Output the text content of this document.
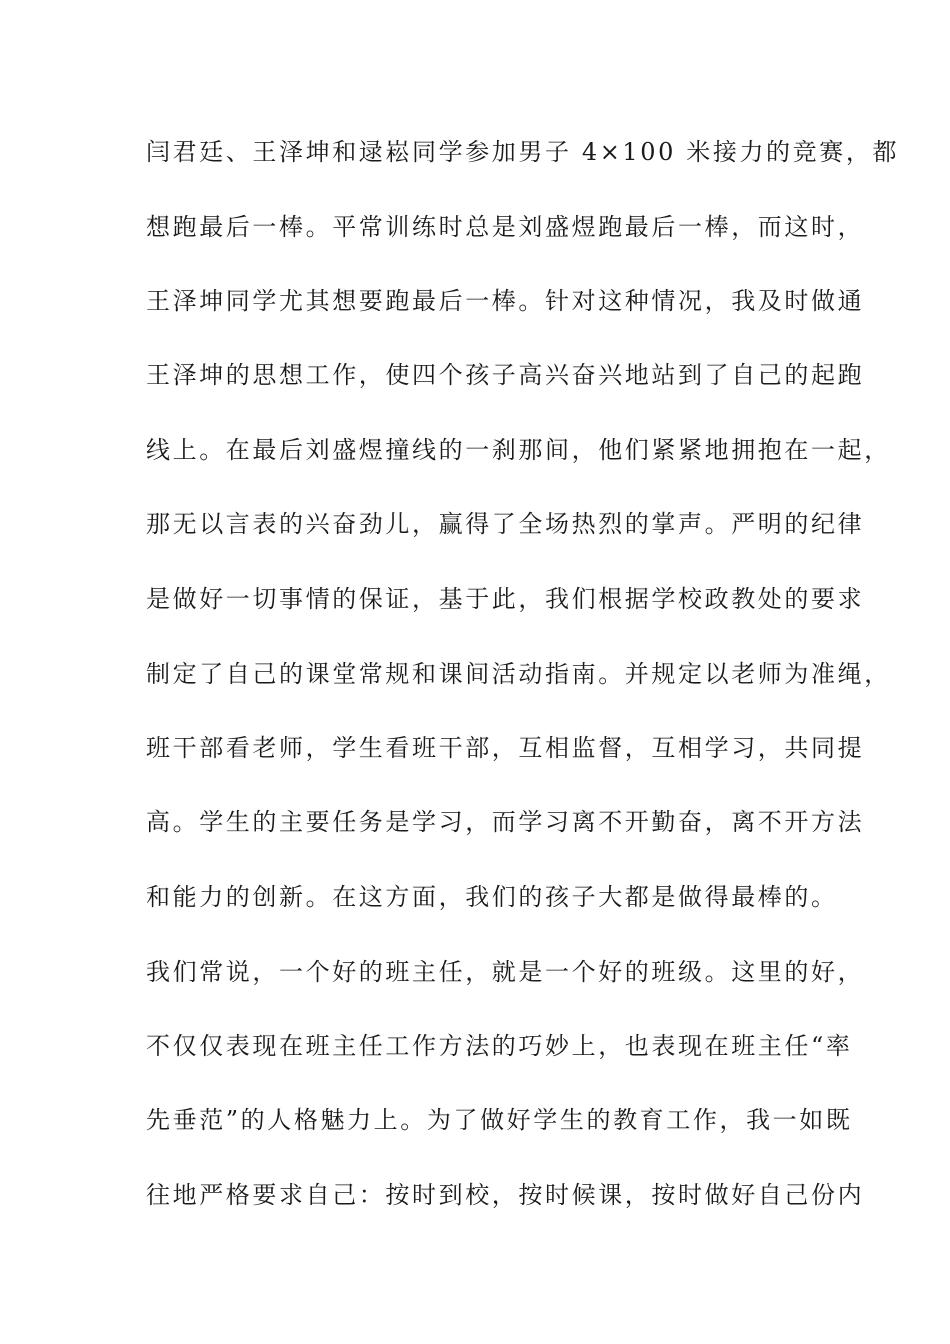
闫君廷、王泽坤和逯崧同学参加男子 4×100 米接力的竞赛，都
想跑最后一棒。平常训练时总是刘盛煜跑最后一棒，而这时，
王泽坤同学尤其想要跑最后一棒。针对这种情况，我及时做通
王泽坤的思想工作，使四个孩子高兴奋兴地站到了自己的起跑
线上。在最后刘盛煜撞线的一刹那间，他们紧紧地拥抱在一起，
那无以言表的兴奋劲儿，赢得了全场热烈的掌声。严明的纪律
是做好一切事情的保证，基于此，我们根据学校政教处的要求
制定了自己的课堂常规和课间活动指南。并规定以老师为准绳，
班干部看老师，学生看班干部，互相监督，互相学习，共同提
高。学生的主要任务是学习，而学习离不开勤奋，离不开方法
和能力的创新。在这方面，我们的孩子大都是做得最棒的。
我们常说，一个好的班主任，就是一个好的班级。这里的好，
不仅仅表现在班主任工作方法的巧妙上，也表现在班主任“率
先垂范”的人格魅力上。为了做好学生的教育工作，我一如既
往地严格要求自己：按时到校，按时候课，按时做好自己份内
